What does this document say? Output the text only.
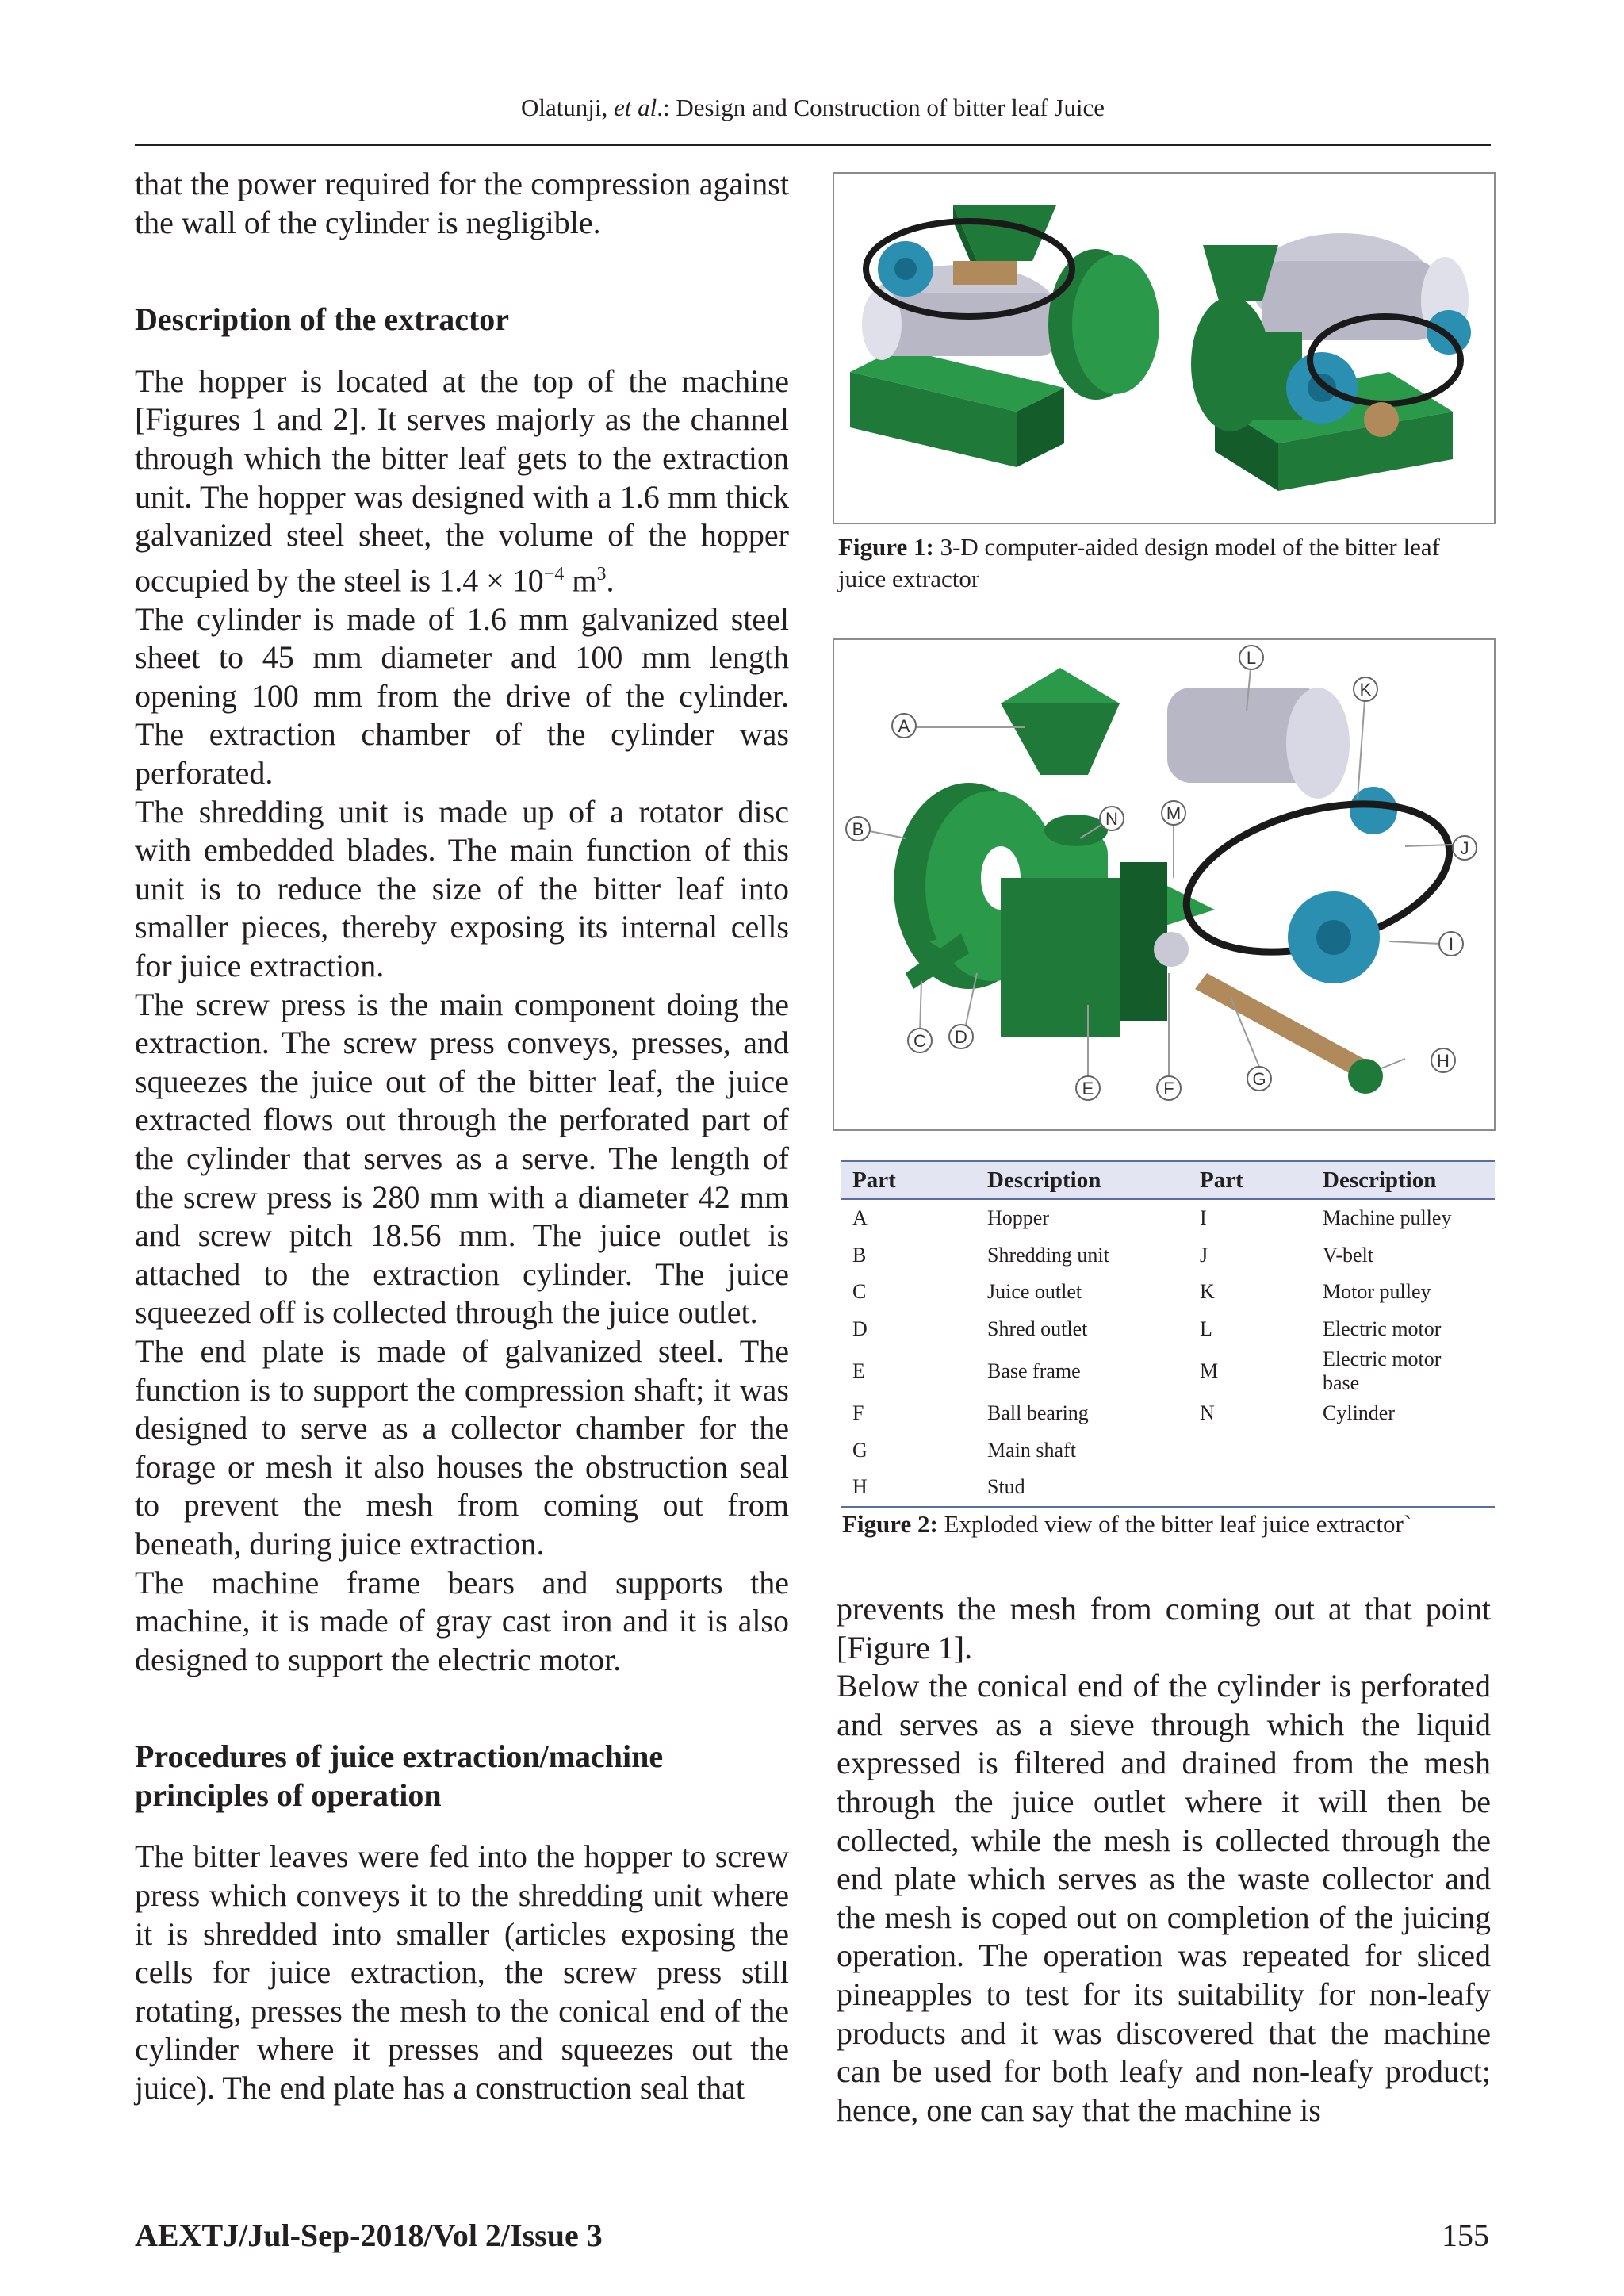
Olatunji, et al.: Design and Construction of bitter leaf Juice

that the power required for the compression against the wall of the cylinder is negligible.

Description of the extractor

The hopper is located at the top of the machine [Figures 1 and 2]. It serves majorly as the channel through which the bitter leaf gets to the extraction unit. The hopper was designed with a 1.6 mm thick galvanized steel sheet, the volume of the hopper occupied by the steel is $1.4 \times 10^{-4}$ $m^3$.

The cylinder is made of 1.6 mm galvanized steel sheet to 45 mm diameter and 100 mm length opening 100 mm from the drive of the cylinder. The extraction chamber of the cylinder was perforated.

The shredding unit is made up of a rotator disc with embedded blades. The main function of this unit is to reduce the size of the bitter leaf into smaller pieces, thereby exposing its internal cells for juice extraction.

The screw press is the main component doing the extraction. The screw press conveys, presses, and squeezes the juice out of the bitter leaf, the juice extracted flows out through the perforated part of the cylinder that serves as a serve. The length of the screw press is 280 mm with a diameter 42 mm and screw pitch 18.56 mm. The juice outlet is attached to the extraction cylinder. The juice squeezed off is collected through the juice outlet.

The end plate is made of galvanized steel. The function is to support the compression shaft; it was designed to serve as a collector chamber for the forage or mesh it also houses the obstruction seal to prevent the mesh from coming out from beneath, during juice extraction.

The machine frame bears and supports the machine, it is made of gray cast iron and it is also designed to support the electric motor.

Procedures of juice extraction/machine
principles of operation

The bitter leaves were fed into the hopper to screw press which conveys it to the shredding unit where it is shredded into smaller (articles exposing the cells for juice extraction, the screw press still rotating, presses the mesh to the conical end of the cylinder where it presses and squeezes out the juice). The end plate has a construction seal that

Figure 1: 3-D computer-aided design model of the bitter leaf juice extractor
A
B
C D
E	F	G
H
I
J
K
L
M
N
Part	Description	Part	Description
A	Hopper	I	Machine pulley
B	Shredding unit	J	V-belt
C	Juice outlet	K	Motor pulley
D	Shred outlet	L	Electric motor
E	Base frame	M	Electric motor base
F	Ball bearing	N	Cylinder
G	Main shaft		
H	Stud		
Figure 2: Exploded view of the bitter leaf juice extractor`

prevents the mesh from coming out at that point [Figure 1].

Below the conical end of the cylinder is perforated and serves as a sieve through which the liquid expressed is filtered and drained from the mesh through the juice outlet where it will then be collected, while the mesh is collected through the end plate which serves as the waste collector and the mesh is coped out on completion of the juicing operation. The operation was repeated for sliced pineapples to test for its suitability for non-leafy products and it was discovered that the machine can be used for both leafy and non-leafy product; hence, one can say that the machine is

AEXTJ/Jul-Sep-2018/Vol 2/Issue 3	155
